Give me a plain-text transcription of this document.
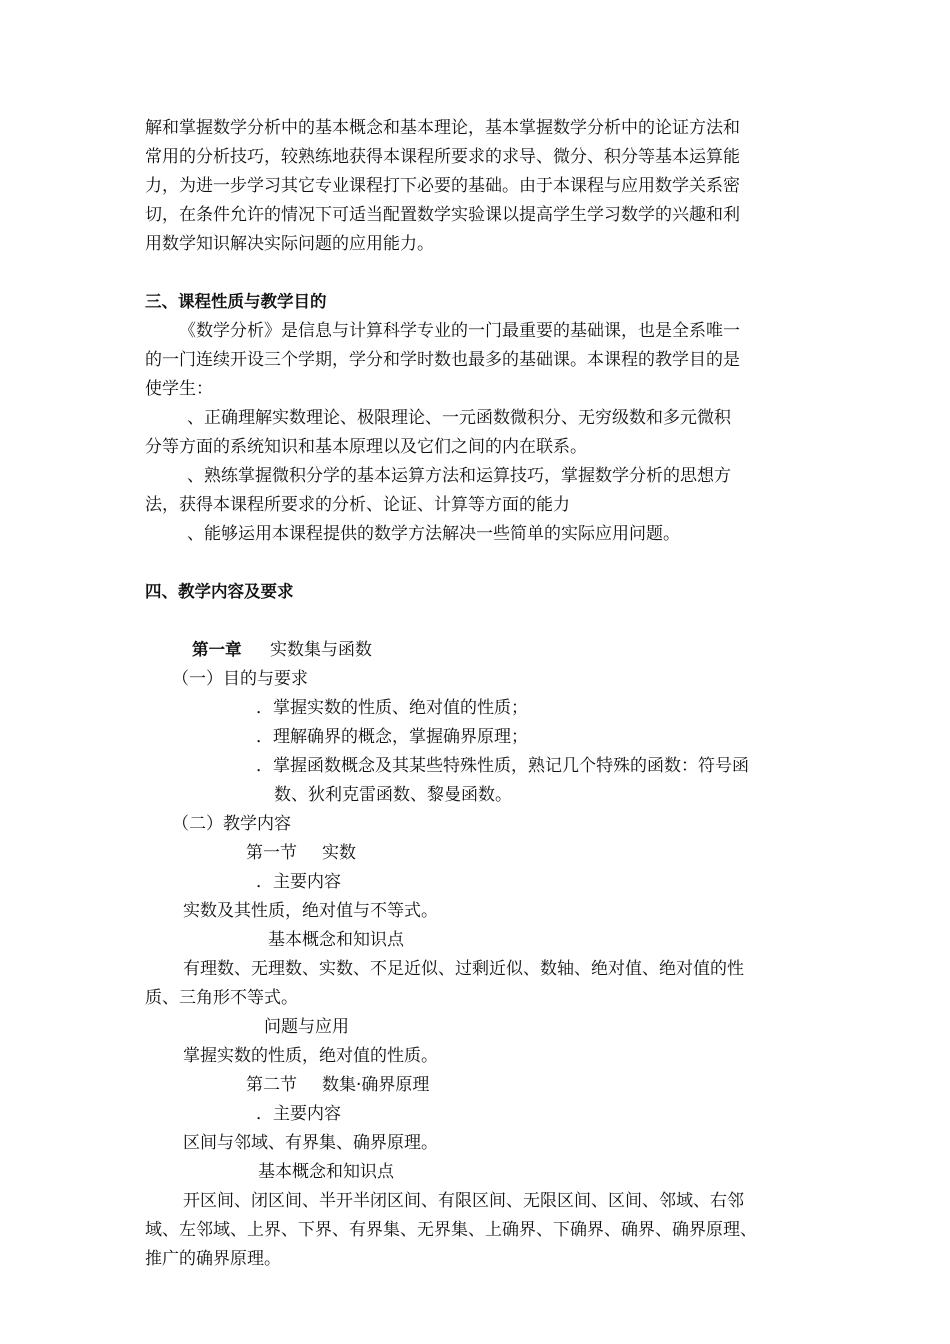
解和掌握数学分析中的基本概念和基本理论，基本掌握数学分析中的论证方法和
常用的分析技巧，较熟练地获得本课程所要求的求导、微分、积分等基本运算能
力，为进一步学习其它专业课程打下必要的基础。由于本课程与应用数学关系密
切，在条件允许的情况下可适当配置数学实验课以提高学生学习数学的兴趣和利
用数学知识解决实际问题的应用能力。
三、课程性质与教学目的
《数学分析》是信息与计算科学专业的一门最重要的基础课，也是全系唯一
的一门连续开设三个学期，学分和学时数也最多的基础课。本课程的教学目的是
使学生：
、正确理解实数理论、极限理论、一元函数微积分、无穷级数和多元微积
分等方面的系统知识和基本原理以及它们之间的内在联系。
、熟练掌握微积分学的基本运算方法和运算技巧，掌握数学分析的思想方
法，获得本课程所要求的分析、论证、计算等方面的能力
、能够运用本课程提供的数学方法解决一些简单的实际应用问题。
四、教学内容及要求
第一章 实数集与函数
（一）目的与要求
．掌握实数的性质、绝对值的性质；
．理解确界的概念，掌握确界原理；
．掌握函数概念及其某些特殊性质，熟记几个特殊的函数：符号函
数、狄利克雷函数、黎曼函数。
（二）教学内容
第一节 实数
．主要内容
实数及其性质，绝对值与不等式。
基本概念和知识点
有理数、无理数、实数、不足近似、过剩近似、数轴、绝对值、绝对值的性
质、三角形不等式。
问题与应用
掌握实数的性质，绝对值的性质。
第二节 数集·确界原理
．主要内容
区间与邻域、有界集、确界原理。
基本概念和知识点
开区间、闭区间、半开半闭区间、有限区间、无限区间、区间、邻域、右邻
域、左邻域、上界、下界、有界集、无界集、上确界、下确界、确界、确界原理、
推广的确界原理。
